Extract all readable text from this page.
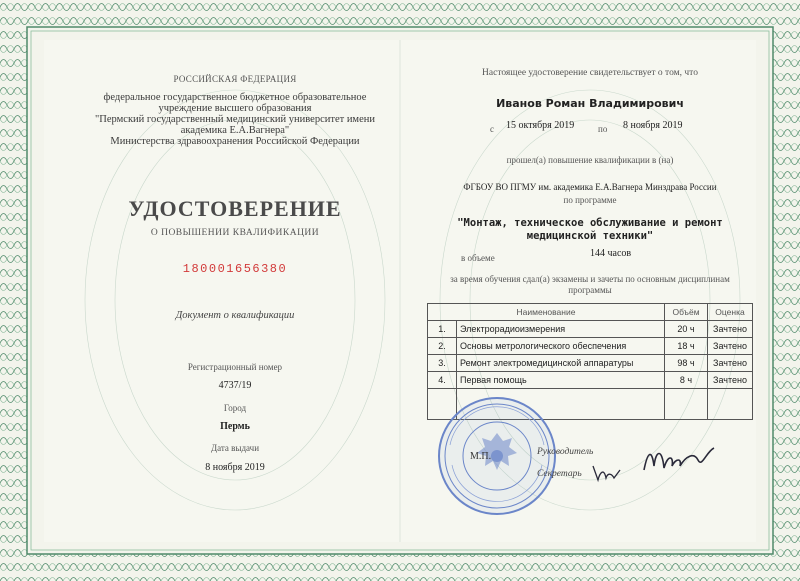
РОССИЙСКАЯ ФЕДЕРАЦИЯ
федеральное государственное бюджетное образовательное
учреждение высшего образования
"Пермский государственный медицинский университет имени
академика Е.А.Вагнера"
Министерства здравоохранения Российской Федерации
УДОСТОВЕРЕНИЕ
О ПОВЫШЕНИИ КВАЛИФИКАЦИИ
180001656380
Документ о квалификации
Регистрационный номер
4737/19
Город
Пермь
Дата выдачи
8 ноября 2019
Настоящее удостоверение свидетельствует о том, что
Иванов Роман Владимирович
с 15 октября 2019	по 8 ноября 2019
прошел(а) повышение квалификации в (на)
ФГБОУ ВО ПГМУ им. академика Е.А.Вагнера Минздрава России
по программе
"Монтаж, техническое обслуживание и ремонт
медицинской техники"
в объеме	144 часов
за время обучения сдал(а) экзамены и зачеты по основным дисциплинам
программы
Наименование		Объём	Оценка
1.	Электрорадиоизмерения	20 ч	Зачтено
2.	Основы метрологического обеспечения	18 ч	Зачтено
3.	Ремонт электромедицинской аппаратуры	98 ч	Зачтено
4.	Первая помощь	8 ч	Зачтено

М.П.	Руководитель
Секретарь
